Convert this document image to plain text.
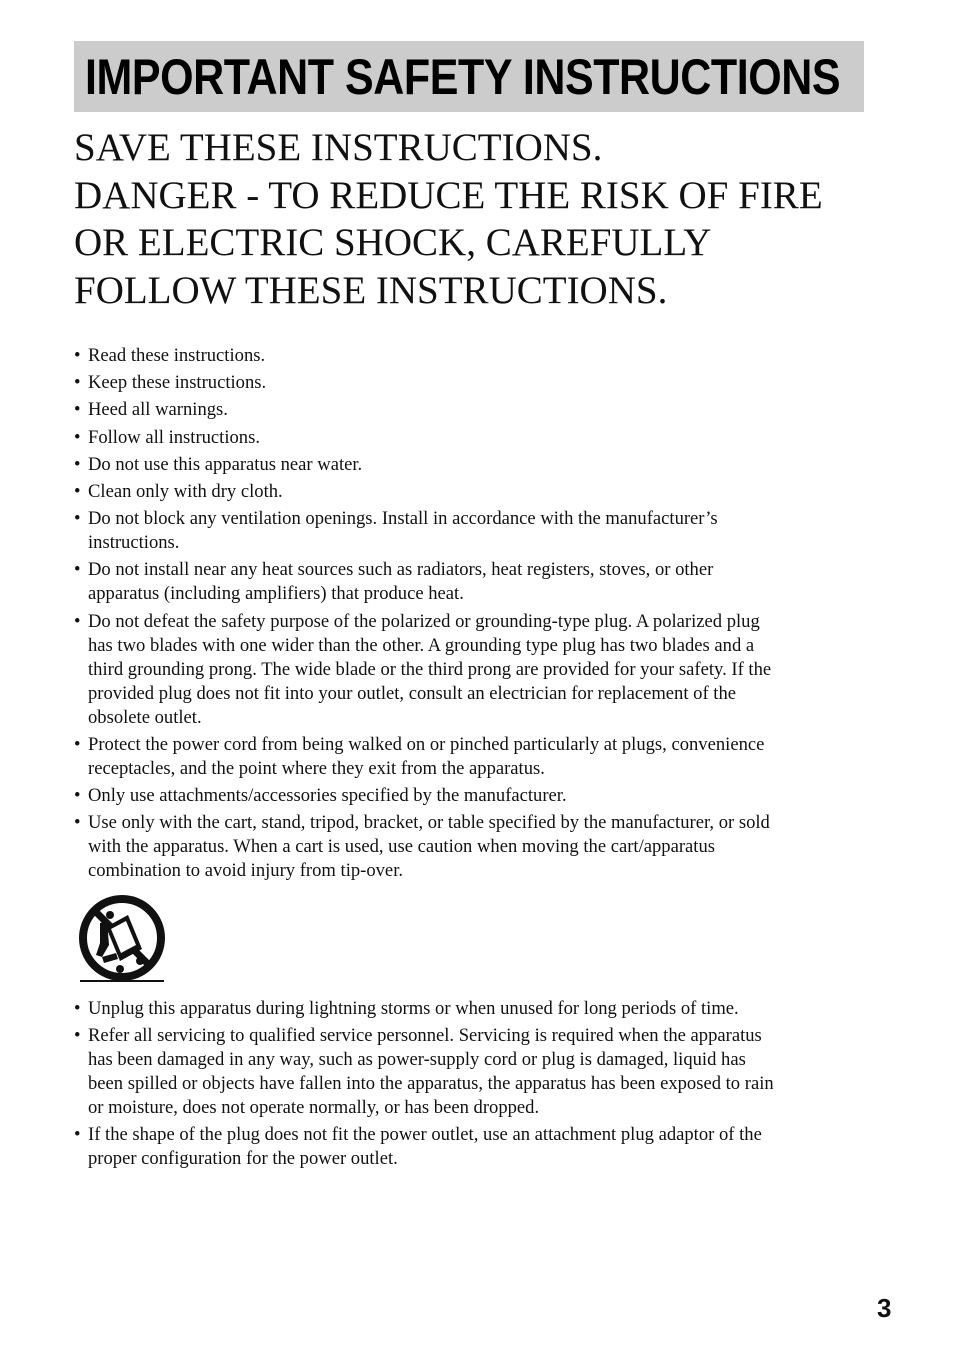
IMPORTANT SAFETY INSTRUCTIONS
SAVE THESE INSTRUCTIONS.
DANGER - TO REDUCE THE RISK OF FIRE
OR ELECTRIC SHOCK, CAREFULLY
FOLLOW THESE INSTRUCTIONS.
• Read these instructions.
• Keep these instructions.
• Heed all warnings.
• Follow all instructions.
• Do not use this apparatus near water.
• Clean only with dry cloth.
• Do not block any ventilation openings. Install in accordance with the manufacturer’s
instructions.
• Do not install near any heat sources such as radiators, heat registers, stoves, or other
apparatus (including amplifiers) that produce heat.
• Do not defeat the safety purpose of the polarized or grounding-type plug. A polarized plug
has two blades with one wider than the other. A grounding type plug has two blades and a
third grounding prong. The wide blade or the third prong are provided for your safety. If the
provided plug does not fit into your outlet, consult an electrician for replacement of the
obsolete outlet.
• Protect the power cord from being walked on or pinched particularly at plugs, convenience
receptacles, and the point where they exit from the apparatus.
• Only use attachments/accessories specified by the manufacturer.
• Use only with the cart, stand, tripod, bracket, or table specified by the manufacturer, or sold
with the apparatus. When a cart is used, use caution when moving the cart/apparatus
combination to avoid injury from tip-over.
• Unplug this apparatus during lightning storms or when unused for long periods of time.
• Refer all servicing to qualified service personnel. Servicing is required when the apparatus
has been damaged in any way, such as power-supply cord or plug is damaged, liquid has
been spilled or objects have fallen into the apparatus, the apparatus has been exposed to rain
or moisture, does not operate normally, or has been dropped.
• If the shape of the plug does not fit the power outlet, use an attachment plug adaptor of the
proper configuration for the power outlet.
3
